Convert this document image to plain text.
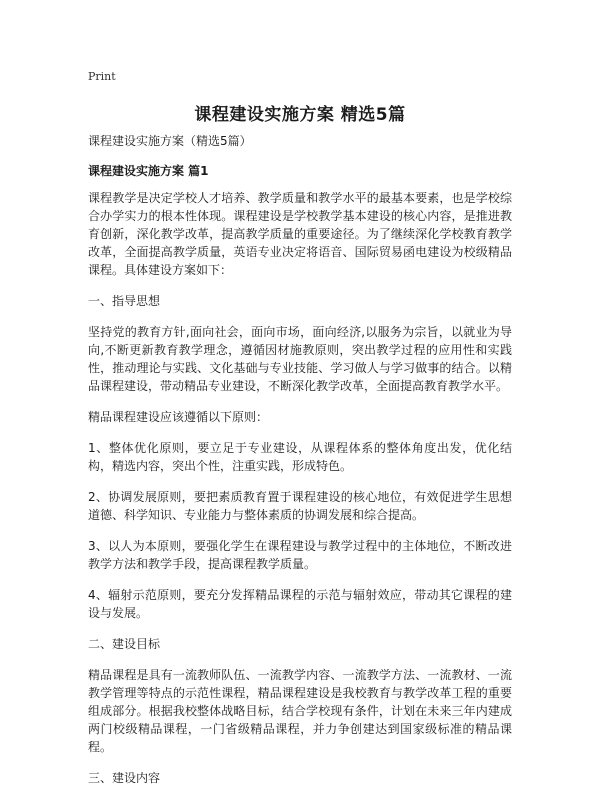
Print
课程建设实施方案 精选5篇

课程建设实施方案（精选5篇）

课程建设实施方案 篇1

课程教学是决定学校人才培养、教学质量和教学水平的最基本要素，也是学校综合办学实力的根本性体现。课程建设是学校教学基本建设的核心内容，是推进教育创新，深化教学改革，提高教学质量的重要途径。为了继续深化学校教育教学改革，全面提高教学质量，英语专业决定将语音、国际贸易函电建设为校级精品课程。具体建设方案如下：

一、指导思想

坚持党的教育方针,面向社会，面向市场，面向经济,以服务为宗旨，以就业为导向,不断更新教育教学理念，遵循因材施教原则，突出教学过程的应用性和实践性，推动理论与实践、文化基础与专业技能、学习做人与学习做事的结合。以精品课程建设，带动精品专业建设，不断深化教学改革，全面提高教育教学水平。

精品课程建设应该遵循以下原则：

1、整体优化原则，要立足于专业建设，从课程体系的整体角度出发，优化结构，精选内容，突出个性，注重实践，形成特色。

2、协调发展原则，要把素质教育置于课程建设的核心地位，有效促进学生思想道德、科学知识、专业能力与整体素质的协调发展和综合提高。

3、以人为本原则，要强化学生在课程建设与教学过程中的主体地位，不断改进教学方法和教学手段，提高课程教学质量。

4、辐射示范原则，要充分发挥精品课程的示范与辐射效应，带动其它课程的建设与发展。

二、建设目标

精品课程是具有一流教师队伍、一流教学内容、一流教学方法、一流教材、一流教学管理等特点的示范性课程，精品课程建设是我校教育与教学改革工程的重要组成部分。根据我校整体战略目标，结合学校现有条件，计划在未来三年内建成两门校级精品课程，一门省级精品课程，并力争创建达到国家级标准的精品课程。

三、建设内容
